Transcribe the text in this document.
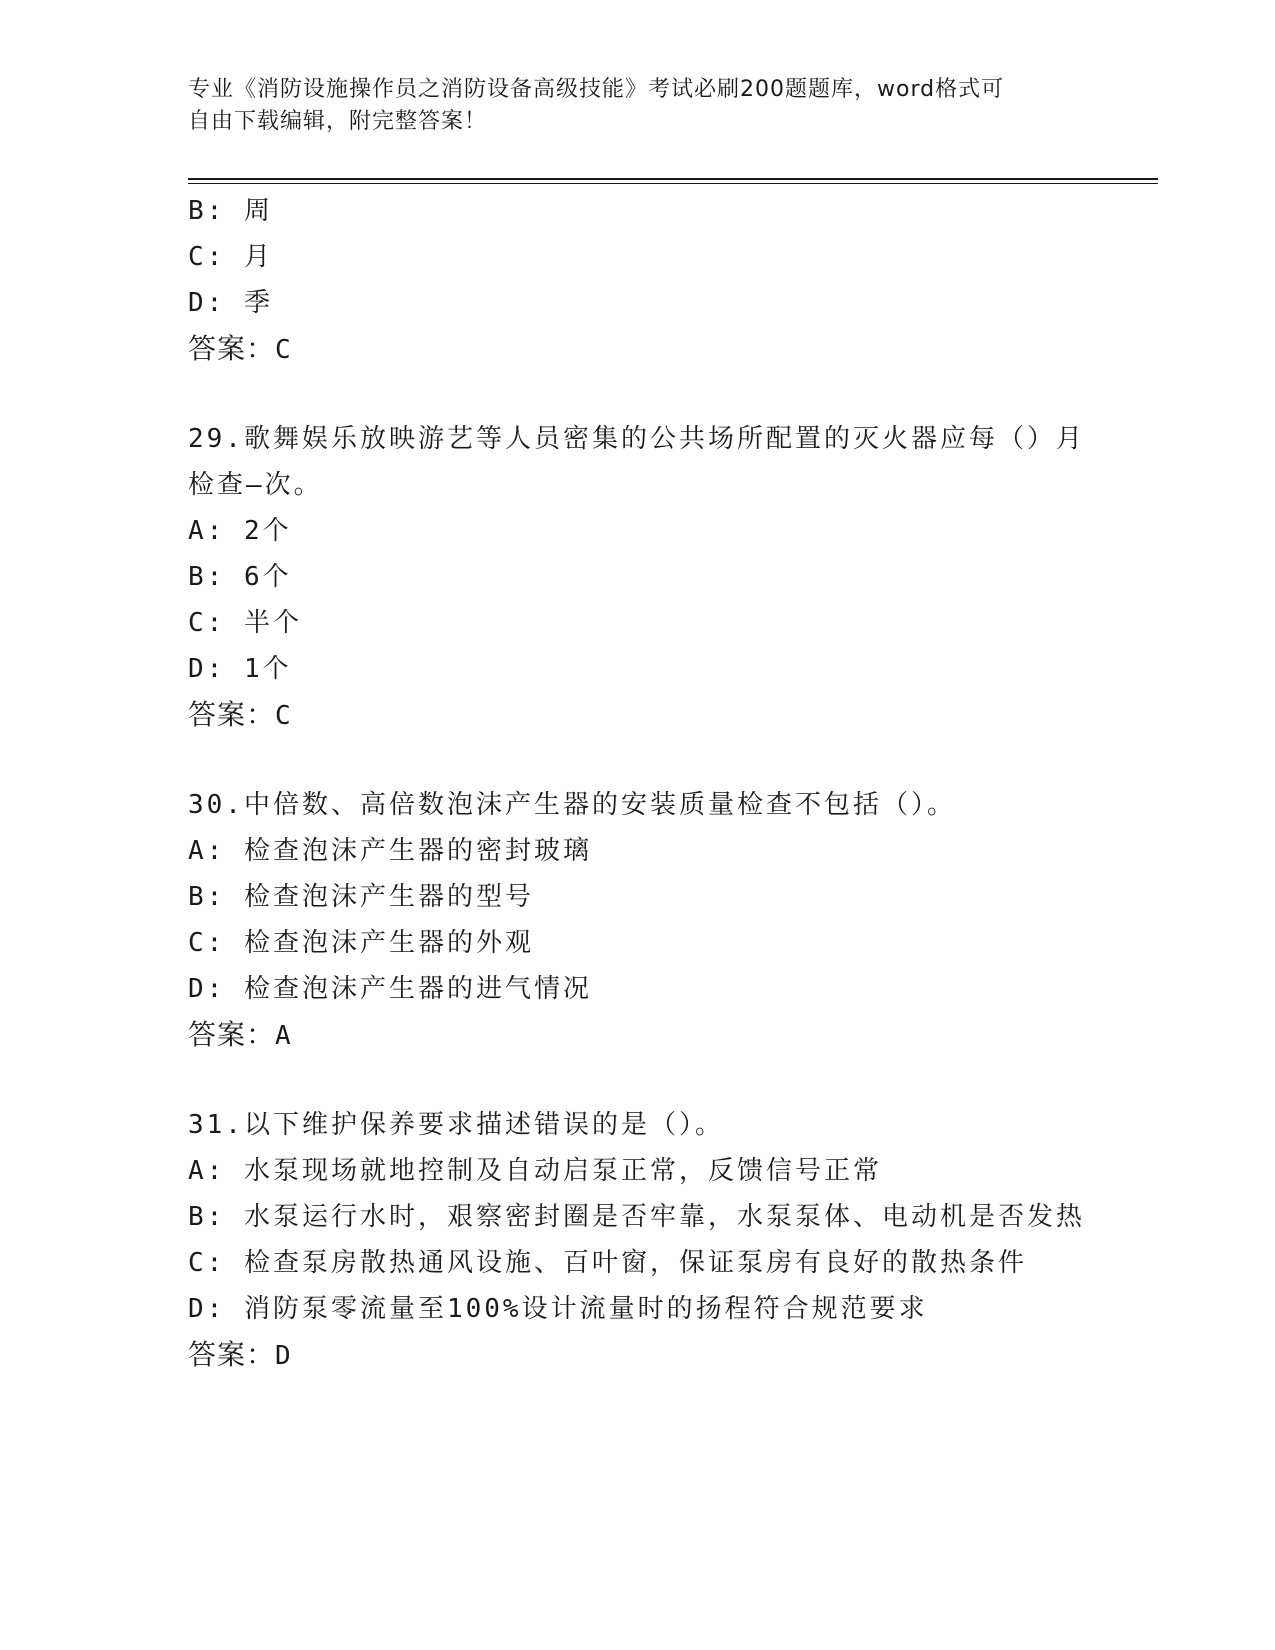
专业《消防设施操作员之消防设备高级技能》考试必刷200题题库，word格式可
自由下载编辑，附完整答案！
B: 周
C: 月
D: 季
答案：C
29.歌舞娱乐放映游艺等人员密集的公共场所配置的灭火器应每（）月
检查—次。
A: 2个
B: 6个
C: 半个
D: 1个
答案：C
30.中倍数、高倍数泡沫产生器的安装质量检查不包括（）。
A: 检查泡沫产生器的密封玻璃
B: 检查泡沫产生器的型号
C: 检查泡沫产生器的外观
D: 检查泡沫产生器的进气情况
答案：A
31.以下维护保养要求描述错误的是（）。
A: 水泵现场就地控制及自动启泵正常，反馈信号正常
B: 水泵运行水时，艰察密封圈是否牢靠，水泵泵体、电动机是否发热
C: 检查泵房散热通风设施、百叶窗，保证泵房有良好的散热条件
D: 消防泵零流量至100%设计流量时的扬程符合规范要求
答案：D
